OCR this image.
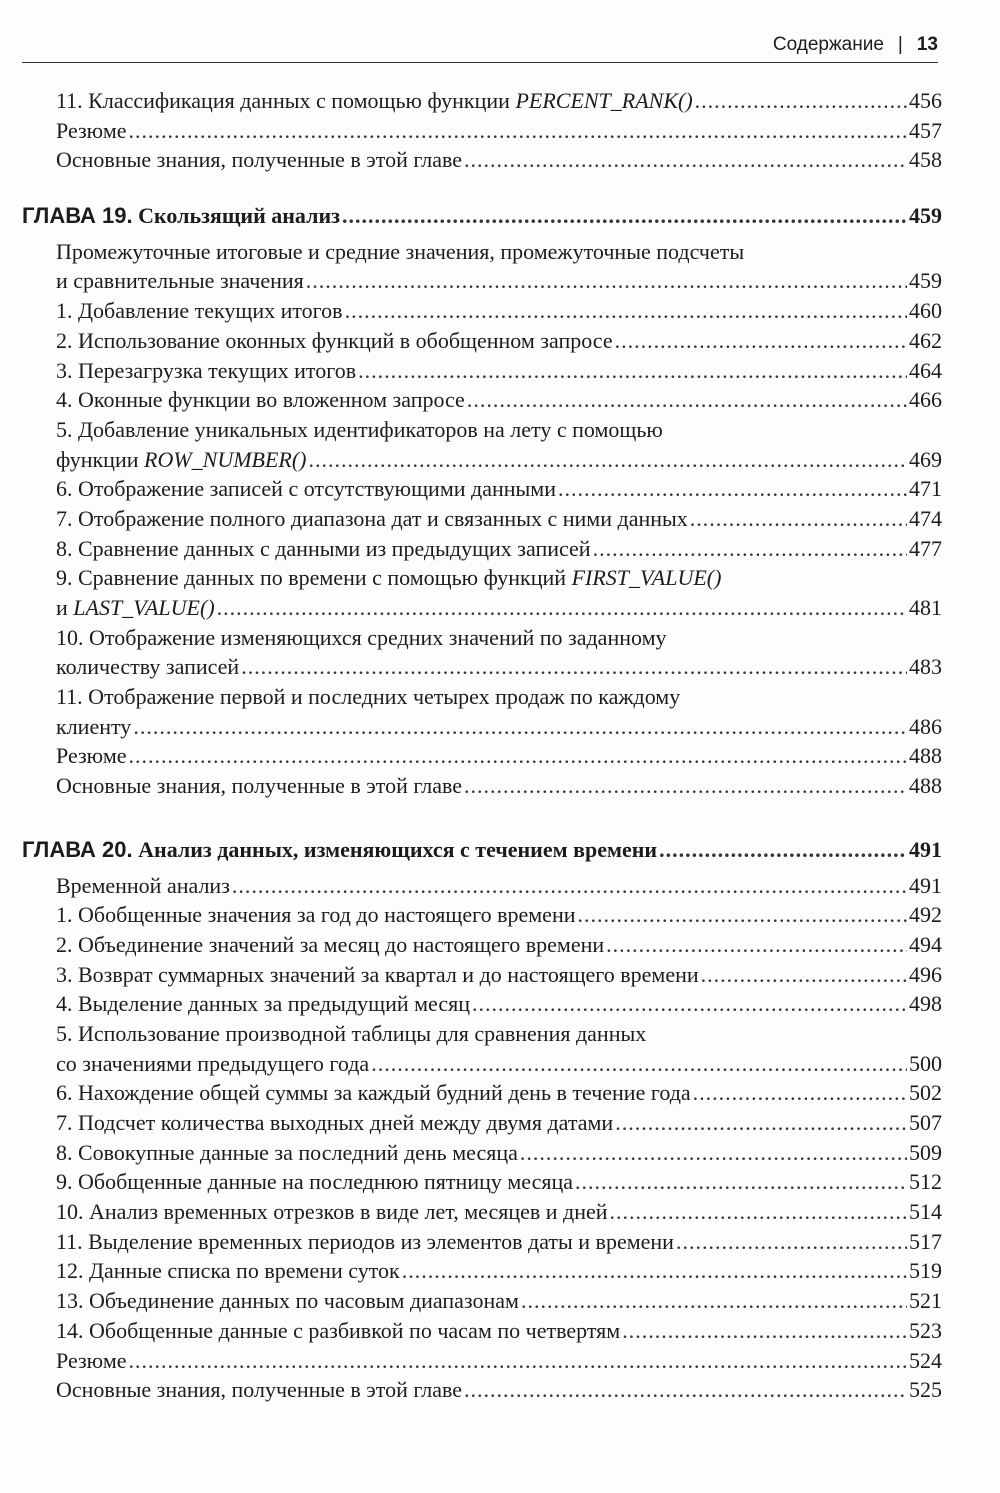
Содержание | 13
11. Классификация данных с помощью функции PERCENT_RANK() .....	456
Резюме .....	457
Основные знания, полученные в этой главе .....	458
ГЛАВА 19. Скользящий анализ .....	459
Промежуточные итоговые и средние значения, промежуточные подсчеты
и сравнительные значения .....	459
1. Добавление текущих итогов .....	460
2. Использование оконных функций в обобщенном запросе .....	462
3. Перезагрузка текущих итогов .....	464
4. Оконные функции во вложенном запросе .....	466
5. Добавление уникальных идентификаторов на лету с помощью
функции ROW_NUMBER() .....	469
6. Отображение записей с отсутствующими данными .....	471
7. Отображение полного диапазона дат и связанных с ними данных .....	474
8. Сравнение данных с данными из предыдущих записей .....	477
9. Сравнение данных по времени с помощью функций FIRST_VALUE()
и LAST_VALUE() .....	481
10. Отображение изменяющихся средних значений по заданному
количеству записей .....	483
11. Отображение первой и последних четырех продаж по каждому
клиенту .....	486
Резюме .....	488
Основные знания, полученные в этой главе .....	488
ГЛАВА 20. Анализ данных, изменяющихся с течением времени .....	491
Временной анализ .....	491
1. Обобщенные значения за год до настоящего времени .....	492
2. Объединение значений за месяц до настоящего времени .....	494
3. Возврат суммарных значений за квартал и до настоящего времени .....	496
4. Выделение данных за предыдущий месяц .....	498
5. Использование производной таблицы для сравнения данных
со значениями предыдущего года .....	500
6. Нахождение общей суммы за каждый будний день в течение года .....	502
7. Подсчет количества выходных дней между двумя датами .....	507
8. Совокупные данные за последний день месяца .....	509
9. Обобщенные данные на последнюю пятницу месяца .....	512
10. Анализ временных отрезков в виде лет, месяцев и дней .....	514
11. Выделение временных периодов из элементов даты и времени .....	517
12. Данные списка по времени суток .....	519
13. Объединение данных по часовым диапазонам .....	521
14. Обобщенные данные с разбивкой по часам по четвертям .....	523
Резюме .....	524
Основные знания, полученные в этой главе .....	525
